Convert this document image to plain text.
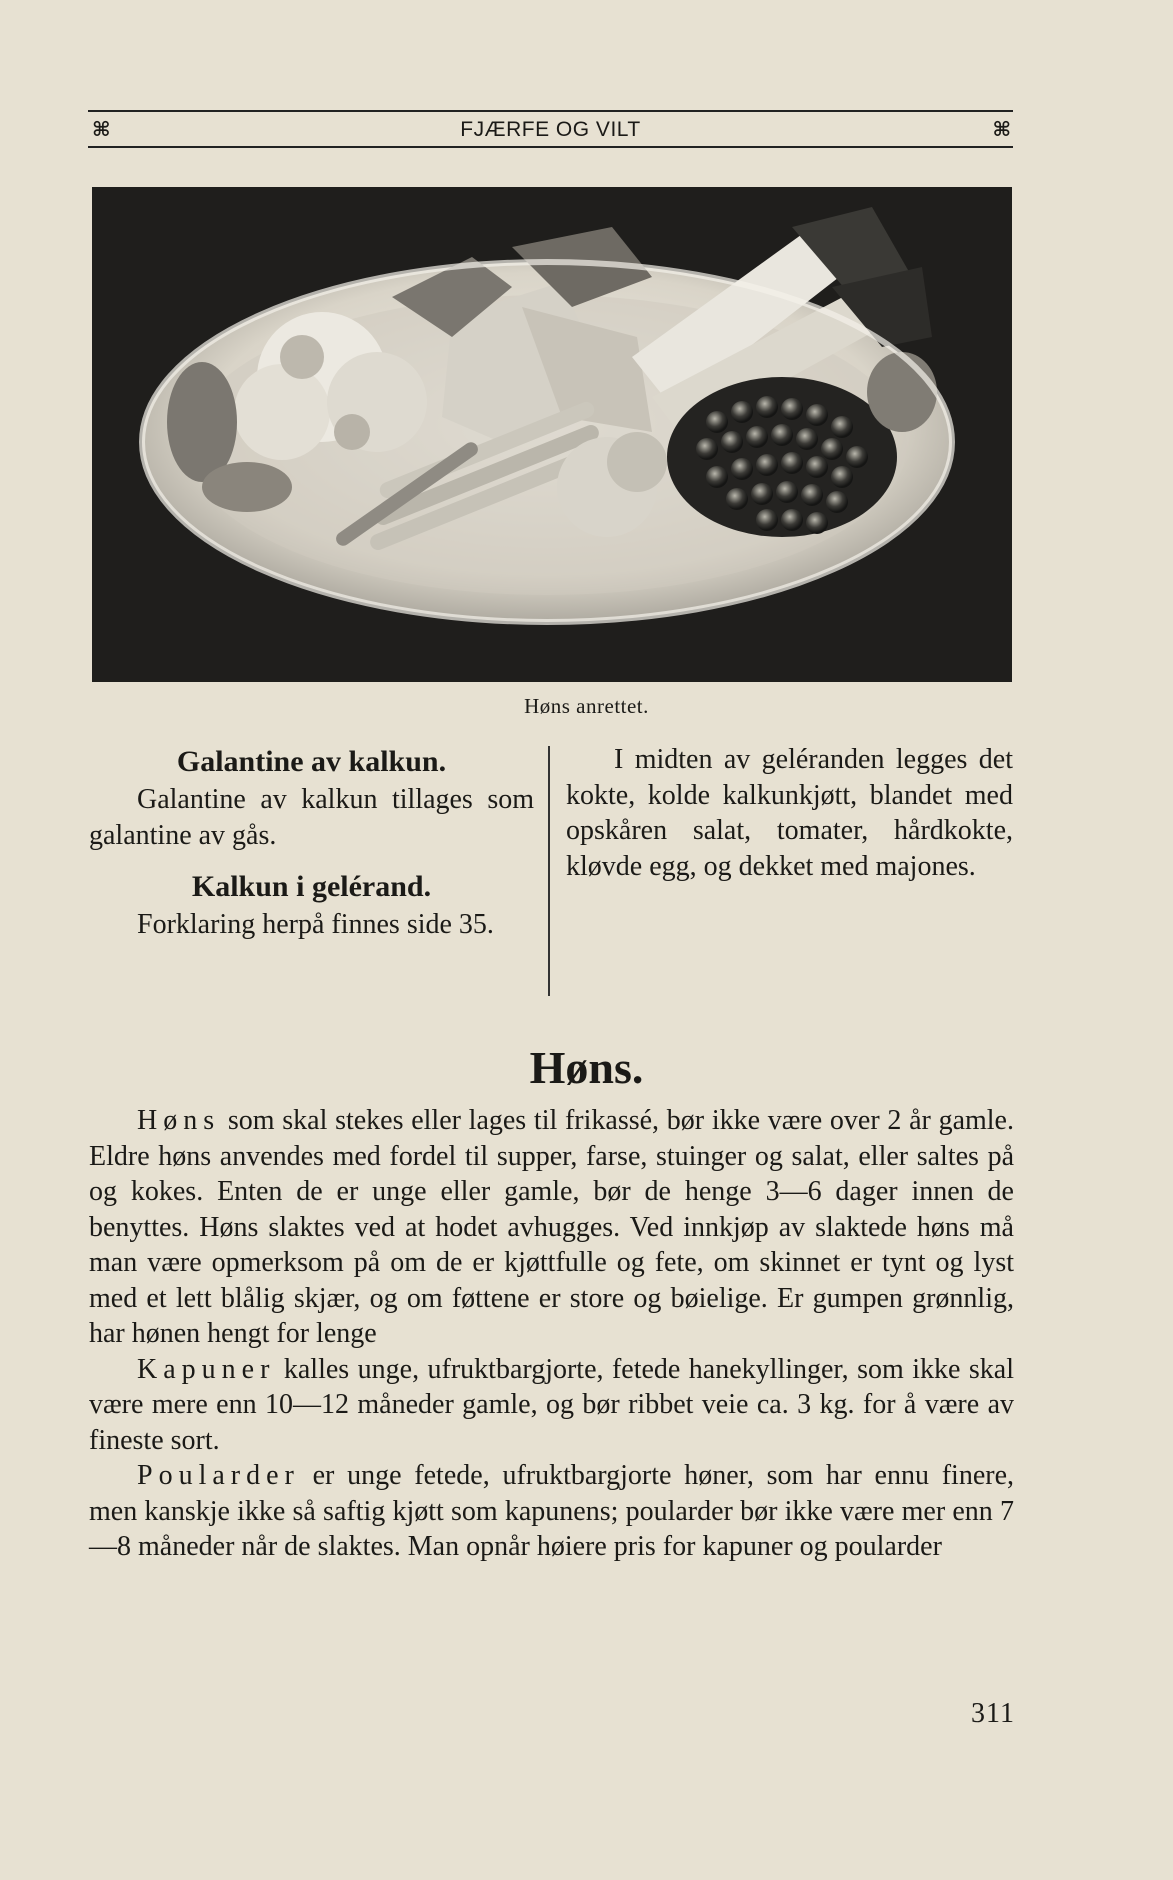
⌘	FJÆRFE OG VILT	⌘
Høns anrettet.

Galantine av kalkun.

Galantine av kalkun tillages som galantine av gås.

Kalkun i gelérand.

Forklaring herpå finnes side 35.

I midten av geléranden legges det kokte, kolde kalkunkjøtt, blandet med opskåren salat, tomater, hårdkokte, kløvde egg, og dekket med majones.

Høns.

Høns som skal stekes eller lages til frikassé, bør ikke være over 2 år gamle. Eldre høns anvendes med fordel til supper, farse, stuinger og salat, eller saltes på og kokes. Enten de er unge eller gamle, bør de henge 3—6 dager innen de benyttes. Høns slaktes ved at hodet avhugges. Ved innkjøp av slaktede høns må man være opmerksom på om de er kjøttfulle og fete, om skinnet er tynt og lyst med et lett blålig skjær, og om føttene er store og bøielige. Er gumpen grønnlig, har hønen hengt for lenge

Kapuner kalles unge, ufruktbargjorte, fetede hanekyllinger, som ikke skal være mere enn 10—12 måneder gamle, og bør ribbet veie ca. 3 kg. for å være av fineste sort.

Poularder er unge fetede, ufruktbargjorte høner, som har ennu finere, men kanskje ikke så saftig kjøtt som kapunens; poularder bør ikke være mer enn 7—8 måneder når de slaktes. Man opnår høiere pris for kapuner og poularder

311
